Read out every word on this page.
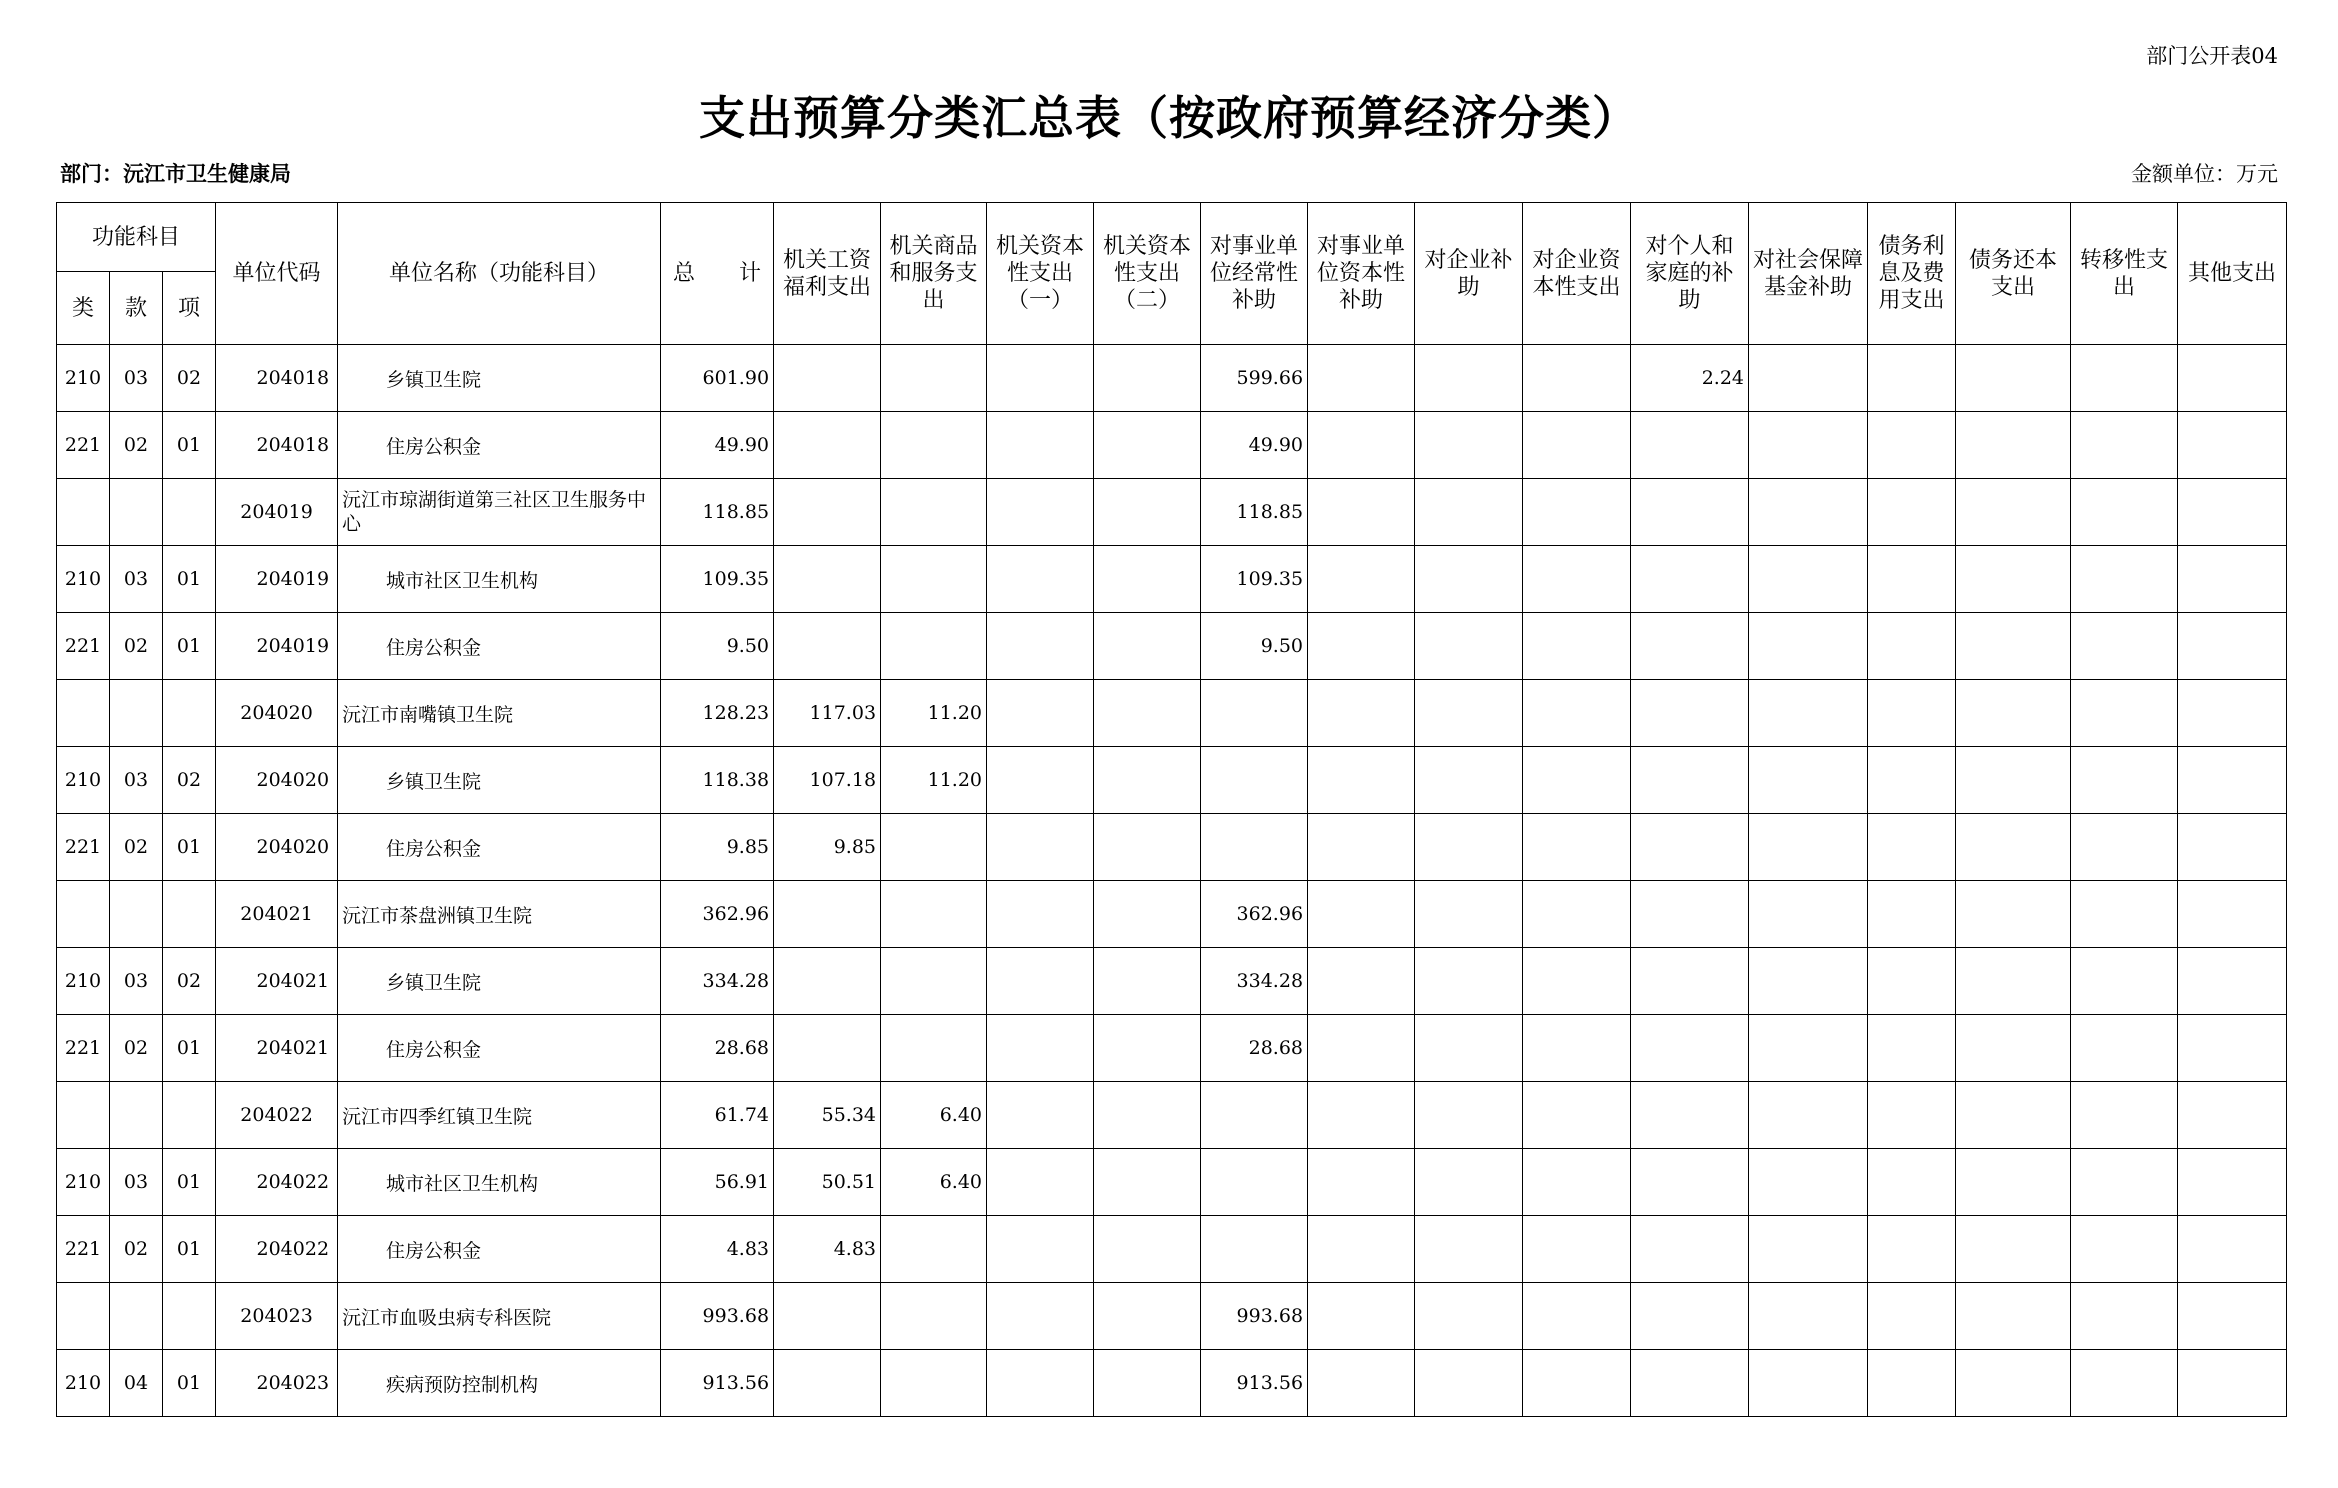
部门公开表04
支出预算分类汇总表（按政府预算经济分类）
部门：沅江市卫生健康局	金额单位：万元
功能科目			单位代码	单位名称（功能科目）	总　　计	机关工资福利支出	机关商品和服务支出	机关资本性支出（一）	机关资本性支出（二）	对事业单位经常性补助	对事业单位资本性补助	对企业补助	对企业资本性支出	对个人和家庭的补助	对社会保障基金补助	债务利息及费用支出	债务还本支出	转移性支出	其他支出
类	款	项																	
210	03	02	204018	乡镇卫生院	601.90					599.66				2.24					
221	02	01	204018	住房公积金	49.90					49.90									
			204019	沅江市琼湖街道第三社区卫生服务中心	118.85					118.85									
210	03	01	204019	城市社区卫生机构	109.35					109.35									
221	02	01	204019	住房公积金	9.50					9.50									
			204020	沅江市南嘴镇卫生院	128.23	117.03	11.20												
210	03	02	204020	乡镇卫生院	118.38	107.18	11.20												
221	02	01	204020	住房公积金	9.85	9.85													
			204021	沅江市茶盘洲镇卫生院	362.96					362.96									
210	03	02	204021	乡镇卫生院	334.28					334.28									
221	02	01	204021	住房公积金	28.68					28.68									
			204022	沅江市四季红镇卫生院	61.74	55.34	6.40												
210	03	01	204022	城市社区卫生机构	56.91	50.51	6.40												
221	02	01	204022	住房公积金	4.83	4.83													
			204023	沅江市血吸虫病专科医院	993.68					993.68									
210	04	01	204023	疾病预防控制机构	913.56					913.56									
